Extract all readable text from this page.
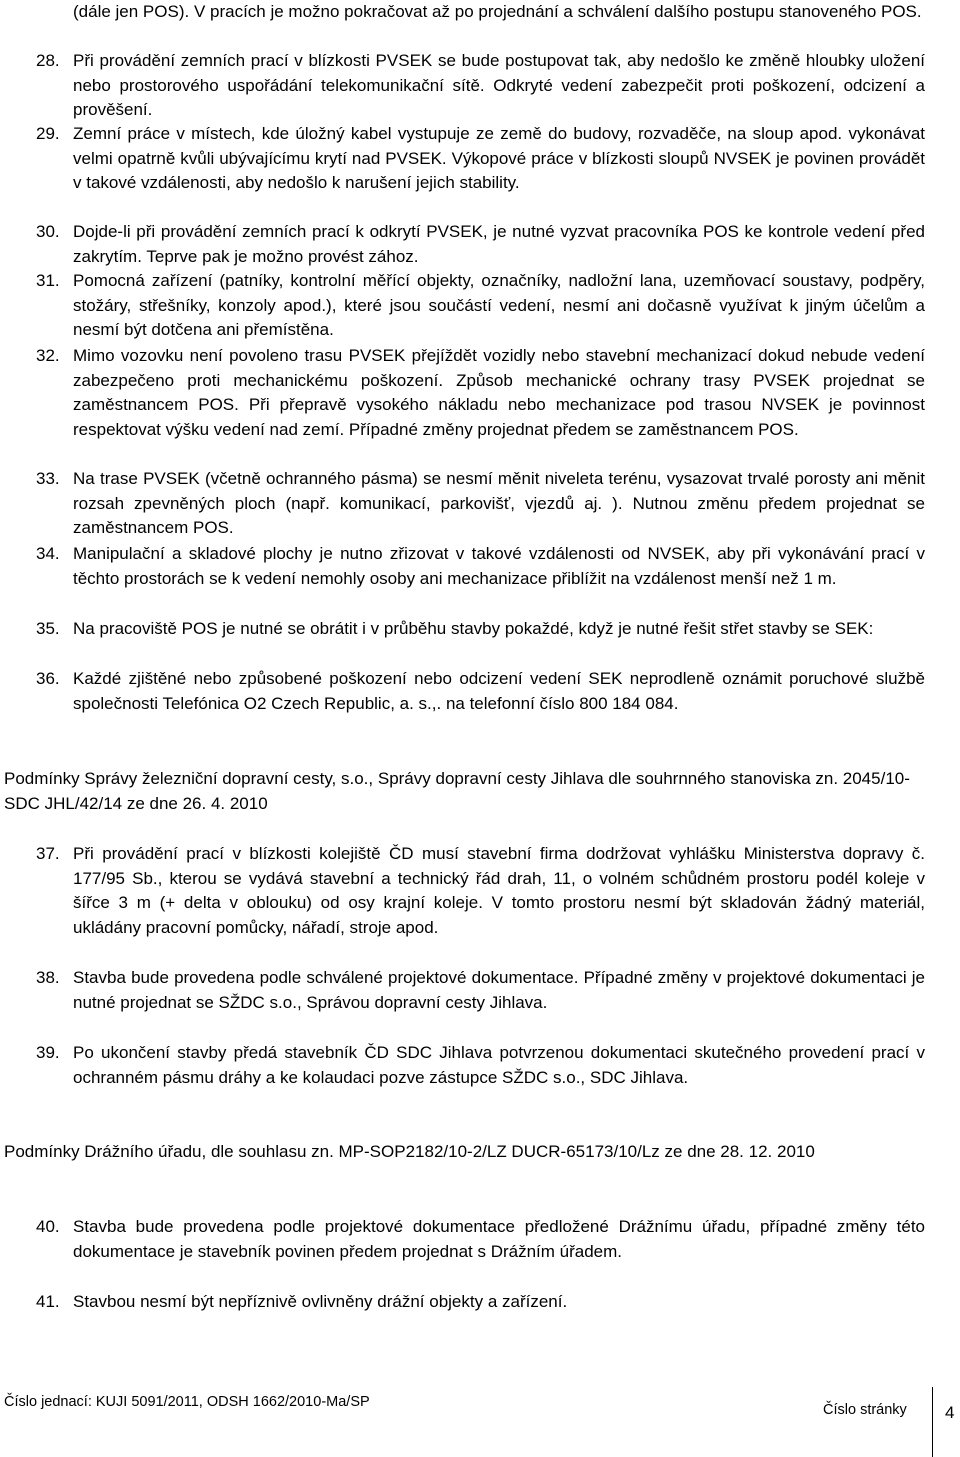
(dále jen POS). V pracích je možno pokračovat až po projednání a schválení dalšího postupu stanoveného POS.
28. Při provádění zemních prací v blízkosti PVSEK se bude postupovat tak, aby nedošlo ke změně hloubky uložení nebo prostorového uspořádání telekomunikační sítě. Odkryté vedení zabezpečit proti poškození, odcizení a prověšení.
29. Zemní práce v místech, kde úložný kabel vystupuje ze země do budovy, rozvaděče, na sloup apod. vykonávat velmi opatrně kvůli ubývajícímu krytí nad PVSEK. Výkopové práce v blízkosti sloupů NVSEK je povinen provádět v takové vzdálenosti, aby nedošlo k narušení jejich stability.
30. Dojde-li při provádění zemních prací k odkrytí PVSEK, je nutné vyzvat pracovníka POS ke kontrole vedení před zakrytím. Teprve pak je možno provést zához.
31. Pomocná zařízení (patníky, kontrolní měřící objekty, označníky, nadložní lana, uzemňovací soustavy, podpěry, stožáry, střešníky, konzoly apod.), které jsou součástí vedení, nesmí ani dočasně využívat k jiným účelům a nesmí být dotčena ani přemístěna.
32. Mimo vozovku není povoleno trasu PVSEK přejíždět vozidly nebo stavební mechanizací dokud nebude vedení zabezpečeno proti mechanickému poškození. Způsob mechanické ochrany trasy PVSEK projednat se zaměstnancem POS. Při přepravě vysokého nákladu nebo mechanizace pod trasou NVSEK je povinnost respektovat výšku vedení nad zemí. Případné změny projednat předem se zaměstnancem POS.
33. Na trase PVSEK (včetně ochranného pásma) se nesmí měnit niveleta terénu, vysazovat trvalé porosty ani měnit rozsah zpevněných ploch (např. komunikací, parkovišť, vjezdů aj. ). Nutnou změnu předem projednat se zaměstnancem POS.
34. Manipulační a skladové plochy je nutno zřizovat v takové vzdálenosti od NVSEK, aby při vykonávání prací v těchto prostorách se k vedení nemohly osoby ani mechanizace přiblížit na vzdálenost menší než 1 m.
35. Na pracoviště POS je nutné se obrátit i v průběhu stavby pokaždé, když je nutné řešit střet stavby se SEK:
36. Každé zjištěné nebo způsobené poškození nebo odcizení vedení SEK neprodleně oznámit poruchové službě společnosti Telefónica O2 Czech Republic, a. s.,. na telefonní číslo 800 184 084.
Podmínky Správy železniční dopravní cesty, s.o., Správy dopravní cesty Jihlava dle souhrnného stanoviska zn. 2045/10-SDC JHL/42/14 ze dne 26. 4. 2010
37. Při provádění prací v blízkosti kolejiště ČD musí stavební firma dodržovat vyhlášku Ministerstva dopravy č. 177/95 Sb., kterou se vydává stavební a technický řád drah, 11, o volném schůdném prostoru podél koleje v šířce 3 m (+ delta v oblouku) od osy krajní koleje. V tomto prostoru nesmí být skladován žádný materiál, ukládány pracovní pomůcky, nářadí, stroje apod.
38. Stavba bude provedena podle schválené projektové dokumentace. Případné změny v projektové dokumentaci je nutné projednat se SŽDC s.o., Správou dopravní cesty Jihlava.
39. Po ukončení stavby předá stavebník ČD SDC Jihlava potvrzenou dokumentaci skutečného provedení prací v ochranném pásmu dráhy a ke kolaudaci pozve zástupce SŽDC s.o., SDC Jihlava.
Podmínky Drážního úřadu, dle souhlasu zn. MP-SOP2182/10-2/LZ DUCR-65173/10/Lz ze dne 28. 12. 2010
40. Stavba bude provedena podle projektové dokumentace předložené Drážnímu úřadu, případné změny této dokumentace je stavebník povinen předem projednat s Drážním úřadem.
41. Stavbou nesmí být nepříznivě ovlivněny drážní objekty a zařízení.
Číslo jednací: KUJI 5091/2011, ODSH 1662/2010-Ma/SP	Číslo stránky 4
